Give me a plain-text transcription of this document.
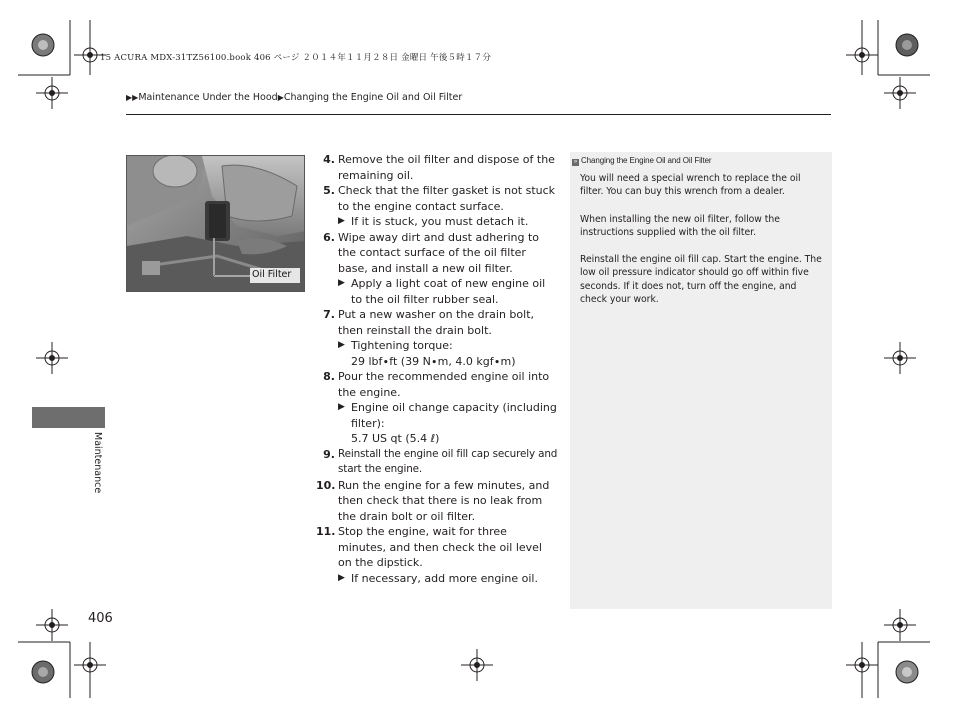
15 ACURA MDX-31TZ56100.book 406 ページ ２０１４年１１月２８日 金曜日 午後５時１７分
▶▶Maintenance Under the Hood▶Changing the Engine Oil and Oil Filter
Oil Filter
4. Remove the oil filter and dispose of the remaining oil.
5. Check that the filter gasket is not stuck to the engine contact surface.
▶ If it is stuck, you must detach it.
6. Wipe away dirt and dust adhering to the contact surface of the oil filter base, and install a new oil filter.
▶ Apply a light coat of new engine oil to the oil filter rubber seal.
7. Put a new washer on the drain bolt, then reinstall the drain bolt.
▶ Tightening torque:
29 lbf∙ft (39 N∙m, 4.0 kgf∙m)
8. Pour the recommended engine oil into the engine.
▶ Engine oil change capacity (including filter):
5.7 US qt (5.4 ℓ)
9. Reinstall the engine oil fill cap securely and start the engine.
10. Run the engine for a few minutes, and then check that there is no leak from the drain bolt or oil filter.
11. Stop the engine, wait for three minutes, and then check the oil level on the dipstick.
▶ If necessary, add more engine oil.
» Changing the Engine Oil and Oil Filter
You will need a special wrench to replace the oil filter. You can buy this wrench from a dealer.
When installing the new oil filter, follow the instructions supplied with the oil filter.
Reinstall the engine oil fill cap. Start the engine. The low oil pressure indicator should go off within five seconds. If it does not, turn off the engine, and check your work.
Maintenance
406
